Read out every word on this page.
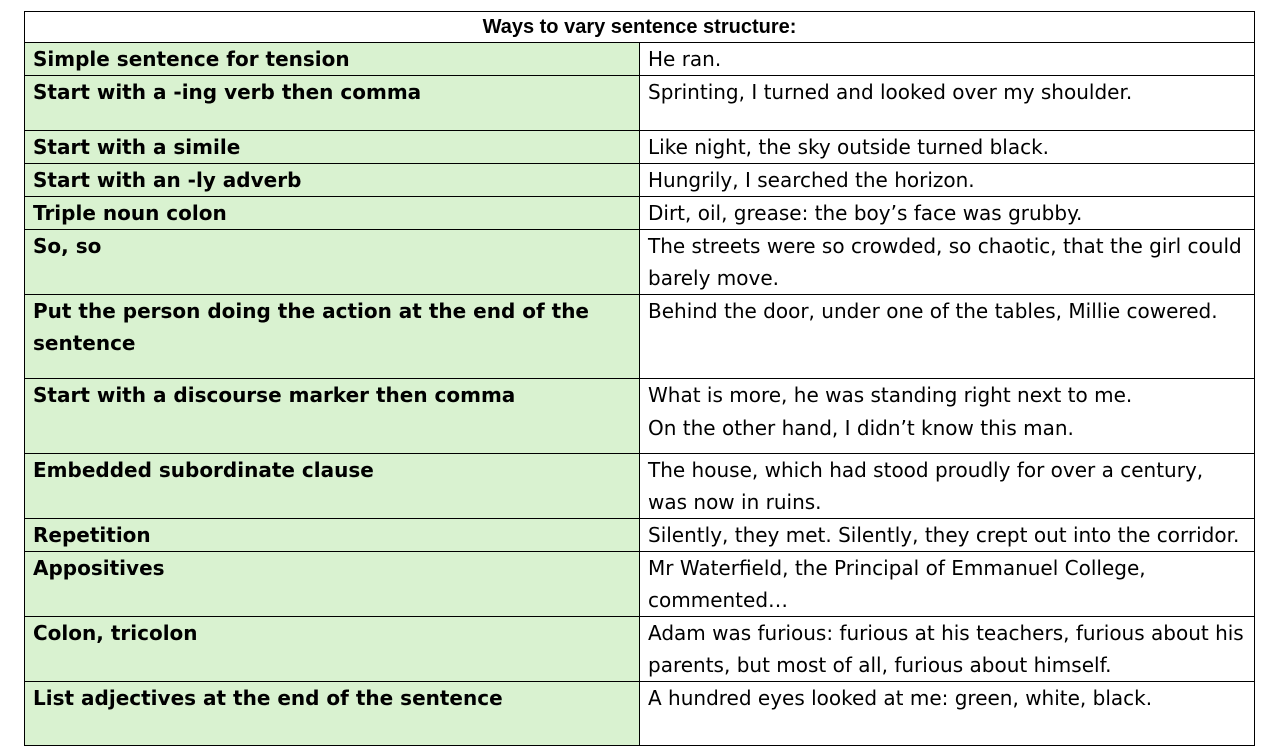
Ways to vary sentence structure:	
Simple sentence for tension	He ran.

Start with a -ing verb then comma	Sprinting, I turned and looked over my shoulder.

Start with a simile	Like night, the sky outside turned black.

Start with an -ly adverb	Hungrily, I searched the horizon.

Triple noun colon	Dirt, oil, grease: the boy’s face was grubby.

So, so	The streets were so crowded, so chaotic, that the girl could barely move.

Put the person doing the action at the end of the sentence	Behind the door, under one of the tables, Millie cowered.

Start with a discourse marker then comma	What is more, he was standing right next to me.
On the other hand, I didn’t know this man.

Embedded subordinate clause	The house, which had stood proudly for over a century, was now in ruins.

Repetition	Silently, they met. Silently, they crept out into the corridor.

Appositives	Mr Waterfield, the Principal of Emmanuel College, commented…

Colon, tricolon	Adam was furious: furious at his teachers, furious about his parents, but most of all, furious about himself.

List adjectives at the end of the sentence	A hundred eyes looked at me: green, white, black.
